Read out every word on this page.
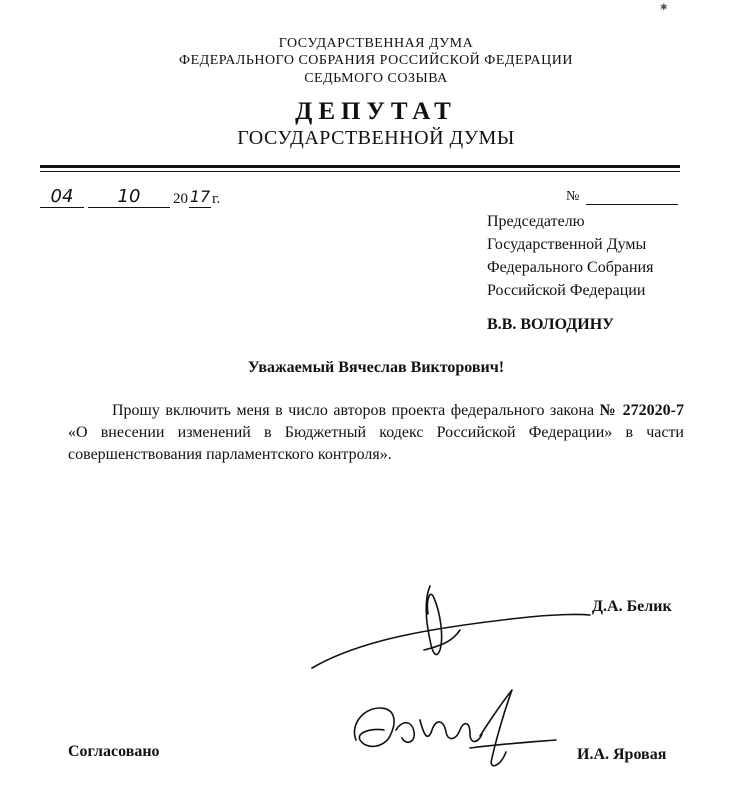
✱
ГОСУДАРСТВЕННАЯ ДУМА
ФЕДЕРАЛЬНОГО СОБРАНИЯ РОССИЙСКОЙ ФЕДЕРАЦИИ
СЕДЬМОГО СОЗЫВА
ДЕПУТАТ
ГОСУДАРСТВЕННОЙ ДУМЫ
04	10	20 17 г.	№
Председателю
Государственной Думы
Федерального Собрания
Российской Федерации
В.В. ВОЛОДИНУ
Уважаемый Вячеслав Викторович!
Прошу включить меня в число авторов проекта федерального закона № 272020-7 «О внесении изменений в Бюджетный кодекс Российской Федерации» в части совершенствования парламентского контроля».
Д.А. Белик
Согласовано	И.А. Яровая
